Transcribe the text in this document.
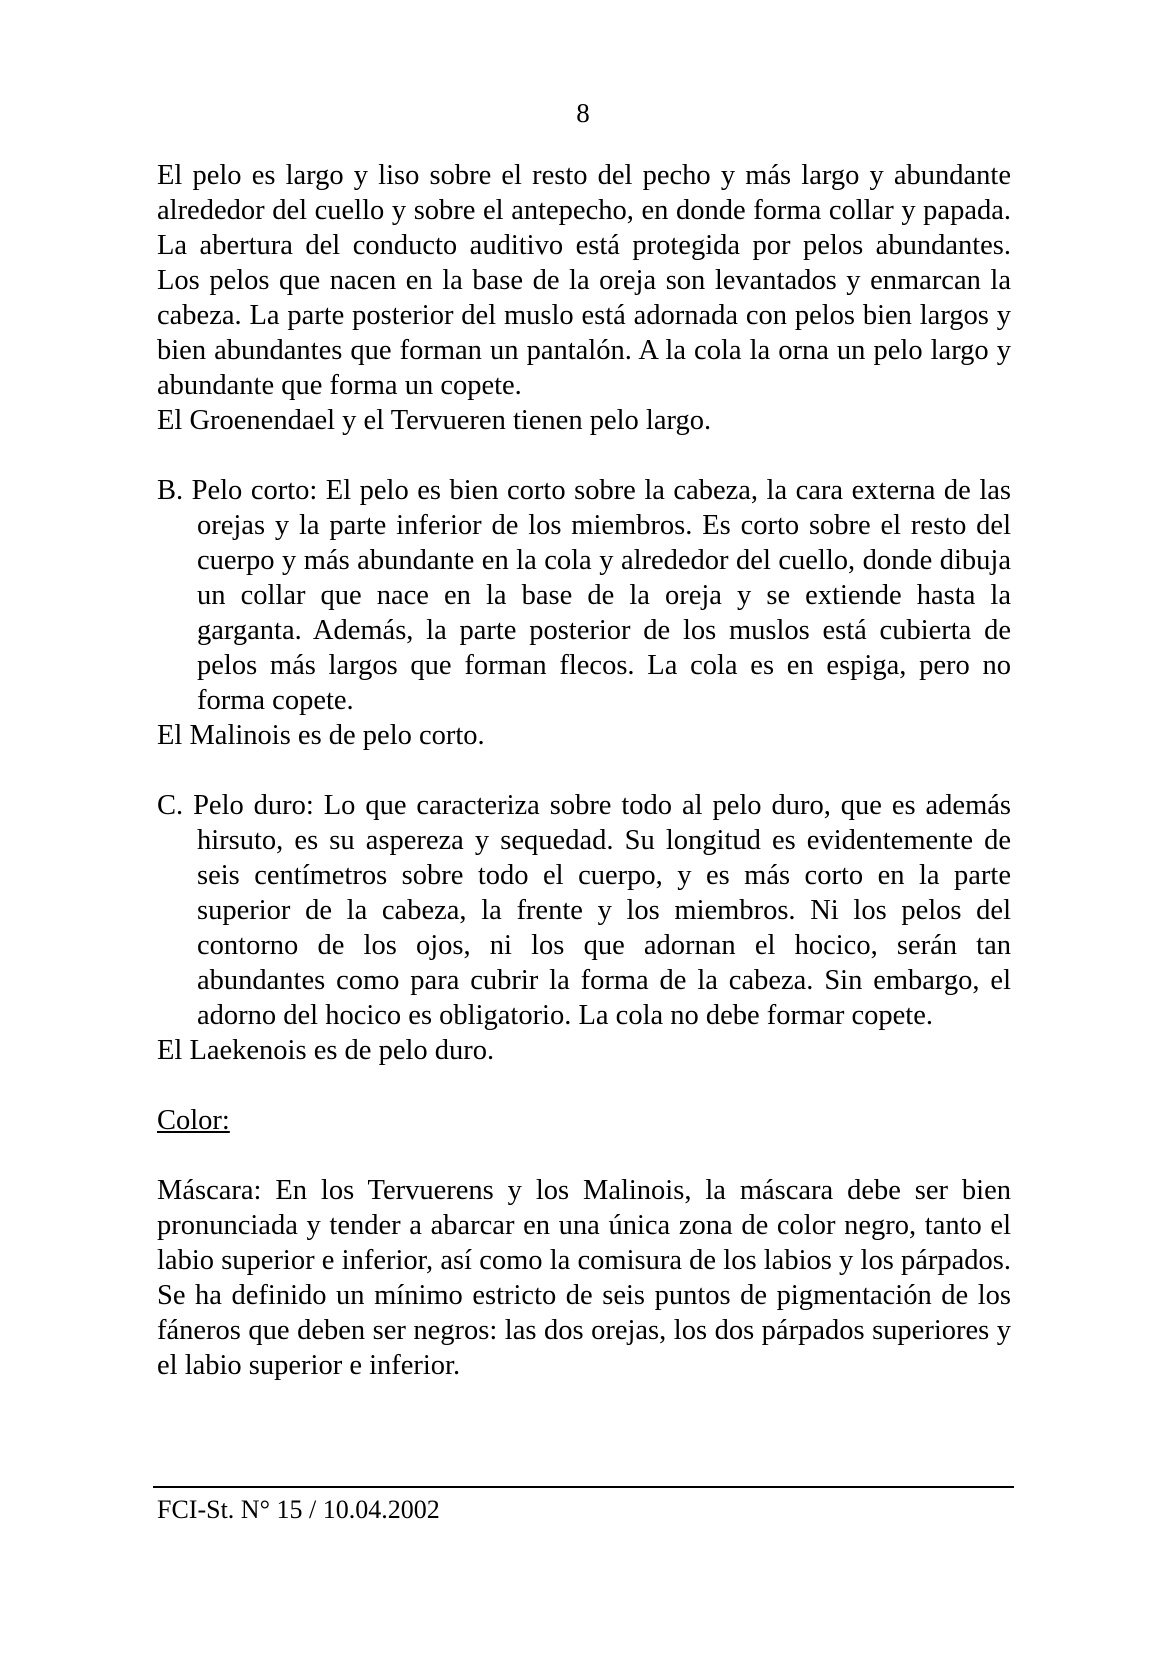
8

El pelo es largo y liso sobre el resto del pecho y más largo y abundante alrededor del cuello y sobre el antepecho, en donde forma collar y papada. La abertura del conducto auditivo está protegida por pelos abundantes. Los pelos que nacen en la base de la oreja son levantados y enmarcan la cabeza. La parte posterior del muslo está adornada con pelos bien largos y bien abundantes que forman un pantalón. A la cola la orna un pelo largo y abundante que forma un copete.

El Groenendael y el Tervueren tienen pelo largo.

B. Pelo corto: El pelo es bien corto sobre la cabeza, la cara externa de las orejas y la parte inferior de los miembros. Es corto sobre el resto del cuerpo y más abundante en la cola y alrededor del cuello, donde dibuja un collar que nace en la base de la oreja y se extiende hasta la garganta. Además, la parte posterior de los muslos está cubierta de pelos más largos que forman flecos. La cola es en espiga, pero no forma copete.

El Malinois es de pelo corto.

C. Pelo duro: Lo que caracteriza sobre todo al pelo duro, que es además hirsuto, es su aspereza y sequedad. Su longitud es evidentemente de seis centímetros sobre todo el cuerpo, y es más corto en la parte superior de la cabeza, la frente y los miembros. Ni los pelos del contorno de los ojos, ni los que adornan el hocico, serán tan abundantes como para cubrir la forma de la cabeza. Sin embargo, el adorno del hocico es obligatorio. La cola no debe formar copete.

El Laekenois es de pelo duro.

Color:

Máscara: En los Tervuerens y los Malinois, la máscara debe ser bien pronunciada y tender a abarcar en una única zona de color negro, tanto el labio superior e inferior, así como la comisura de los labios y los párpados. Se ha definido un mínimo estricto de seis puntos de pigmentación de los fáneros que deben ser negros: las dos orejas, los dos párpados superiores y el labio superior e inferior.

FCI-St. N° 15 / 10.04.2002
